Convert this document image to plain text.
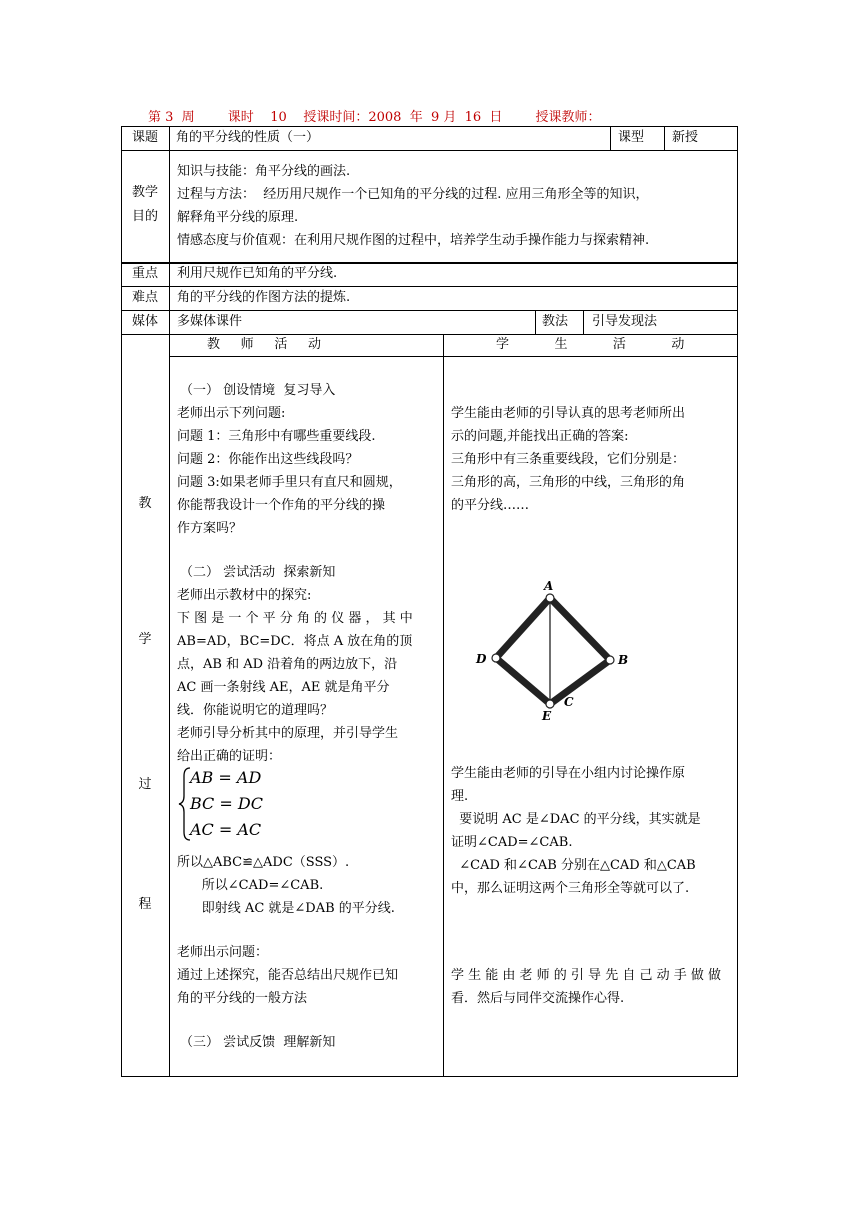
第 3  周	课时    10 授课时间：2008  年  9 月  16  日	授课教师：
课题	角的平分线的性质（一）	课型 新授
教学
目的
知识与技能：角平分线的画法.
过程与方法：  经历用尺规作一个已知角的平分线的过程. 应用三角形全等的知识，
解释角平分线的原理.
情感态度与价值观：在利用尺规作图的过程中，培养学生动手操作能力与探索精神.
重点	利用尺规作已知角的平分线.
难点	角的平分线的作图方法的提炼.
媒体	多媒体课件	教法 引导发现法
教     师     活     动	学           生           活           动
教
学
过
程
（一） 创设情境  复习导入
老师出示下列问题:
问题 1：三角形中有哪些重要线段.
问题 2：你能作出这些线段吗？
问题 3:如果老师手里只有直尺和圆规，
你能帮我设计一个作角的平分线的操
作方案吗？
（二） 尝试活动  探索新知
老师出示教材中的探究:
下 图 是 一 个 平 分 角 的 仪 器 ， 其 中
AB=AD，BC=DC．将点 A 放在角的顶
点，AB 和 AD 沿着角的两边放下，沿
AC 画一条射线 AE，AE 就是角平分
线．你能说明它的道理吗？
老师引导分析其中的原理，并引导学生
给出正确的证明：
AB = AD
BC = DC
AC = AC
所以△ABC≌△ADC（SSS）.
所以∠CAD=∠CAB.
即射线 AC 就是∠DAB 的平分线.
老师出示问题：
通过上述探究，能否总结出尺规作已知
角的平分线的一般方法
（三） 尝试反馈  理解新知
学生能由老师的引导认真的思考老师所出
示的问题,并能找出正确的答案:
三角形中有三条重要线段，它们分别是：
三角形的高，三角形的中线，三角形的角
的平分线……
A
B
C
D
E
学生能由老师的引导在小组内讨论操作原
理.
要说明 AC 是∠DAC 的平分线，其实就是
证明∠CAD=∠CAB.
∠CAD 和∠CAB 分别在△CAD 和△CAB
中，那么证明这两个三角形全等就可以了.
学 生 能 由 老 师 的 引 导 先 自 己 动 手 做 做
看．然后与同伴交流操作心得.
